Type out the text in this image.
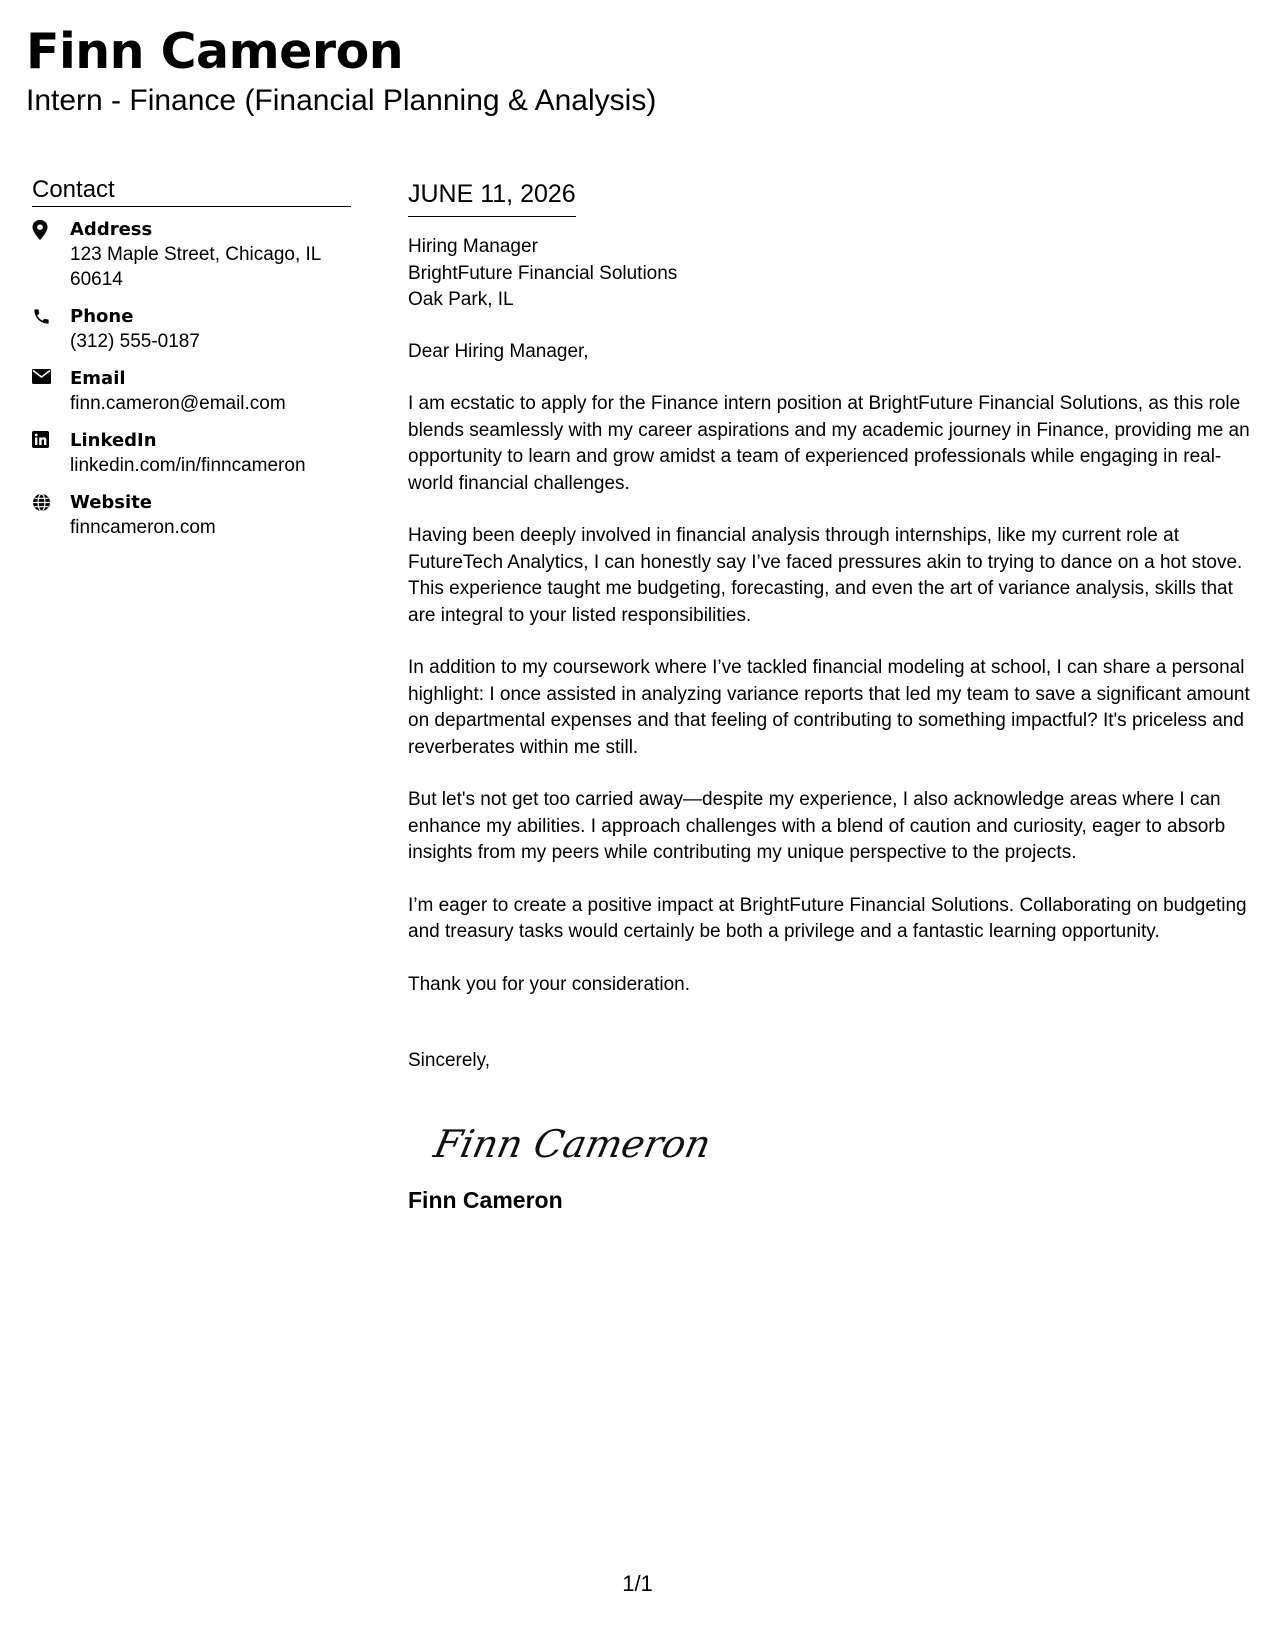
Finn Cameron
Intern - Finance (Financial Planning & Analysis)
Contact
Address
123 Maple Street, Chicago, IL 60614
Phone
(312) 555-0187
Email
finn.cameron@email.com
LinkedIn
linkedin.com/in/finncameron
Website
finncameron.com
JUNE 11, 2026
Hiring Manager
BrightFuture Financial Solutions
Oak Park, IL

Dear Hiring Manager,

I am ecstatic to apply for the Finance intern position at BrightFuture Financial Solutions, as this role blends seamlessly with my career aspirations and my academic journey in Finance, providing me an opportunity to learn and grow amidst a team of experienced professionals while engaging in real-world financial challenges.

Having been deeply involved in financial analysis through internships, like my current role at FutureTech Analytics, I can honestly say I’ve faced pressures akin to trying to dance on a hot stove. This experience taught me budgeting, forecasting, and even the art of variance analysis, skills that are integral to your listed responsibilities.

In addition to my coursework where I’ve tackled financial modeling at school, I can share a personal highlight: I once assisted in analyzing variance reports that led my team to save a significant amount on departmental expenses and that feeling of contributing to something impactful? It's priceless and reverberates within me still.

But let's not get too carried away—despite my experience, I also acknowledge areas where I can enhance my abilities. I approach challenges with a blend of caution and curiosity, eager to absorb insights from my peers while contributing my unique perspective to the projects.

I’m eager to create a positive impact at BrightFuture Financial Solutions. Collaborating on budgeting and treasury tasks would certainly be both a privilege and a fantastic learning opportunity.

Thank you for your consideration.

Sincerely,
Finn Cameron
Finn Cameron
1/1
